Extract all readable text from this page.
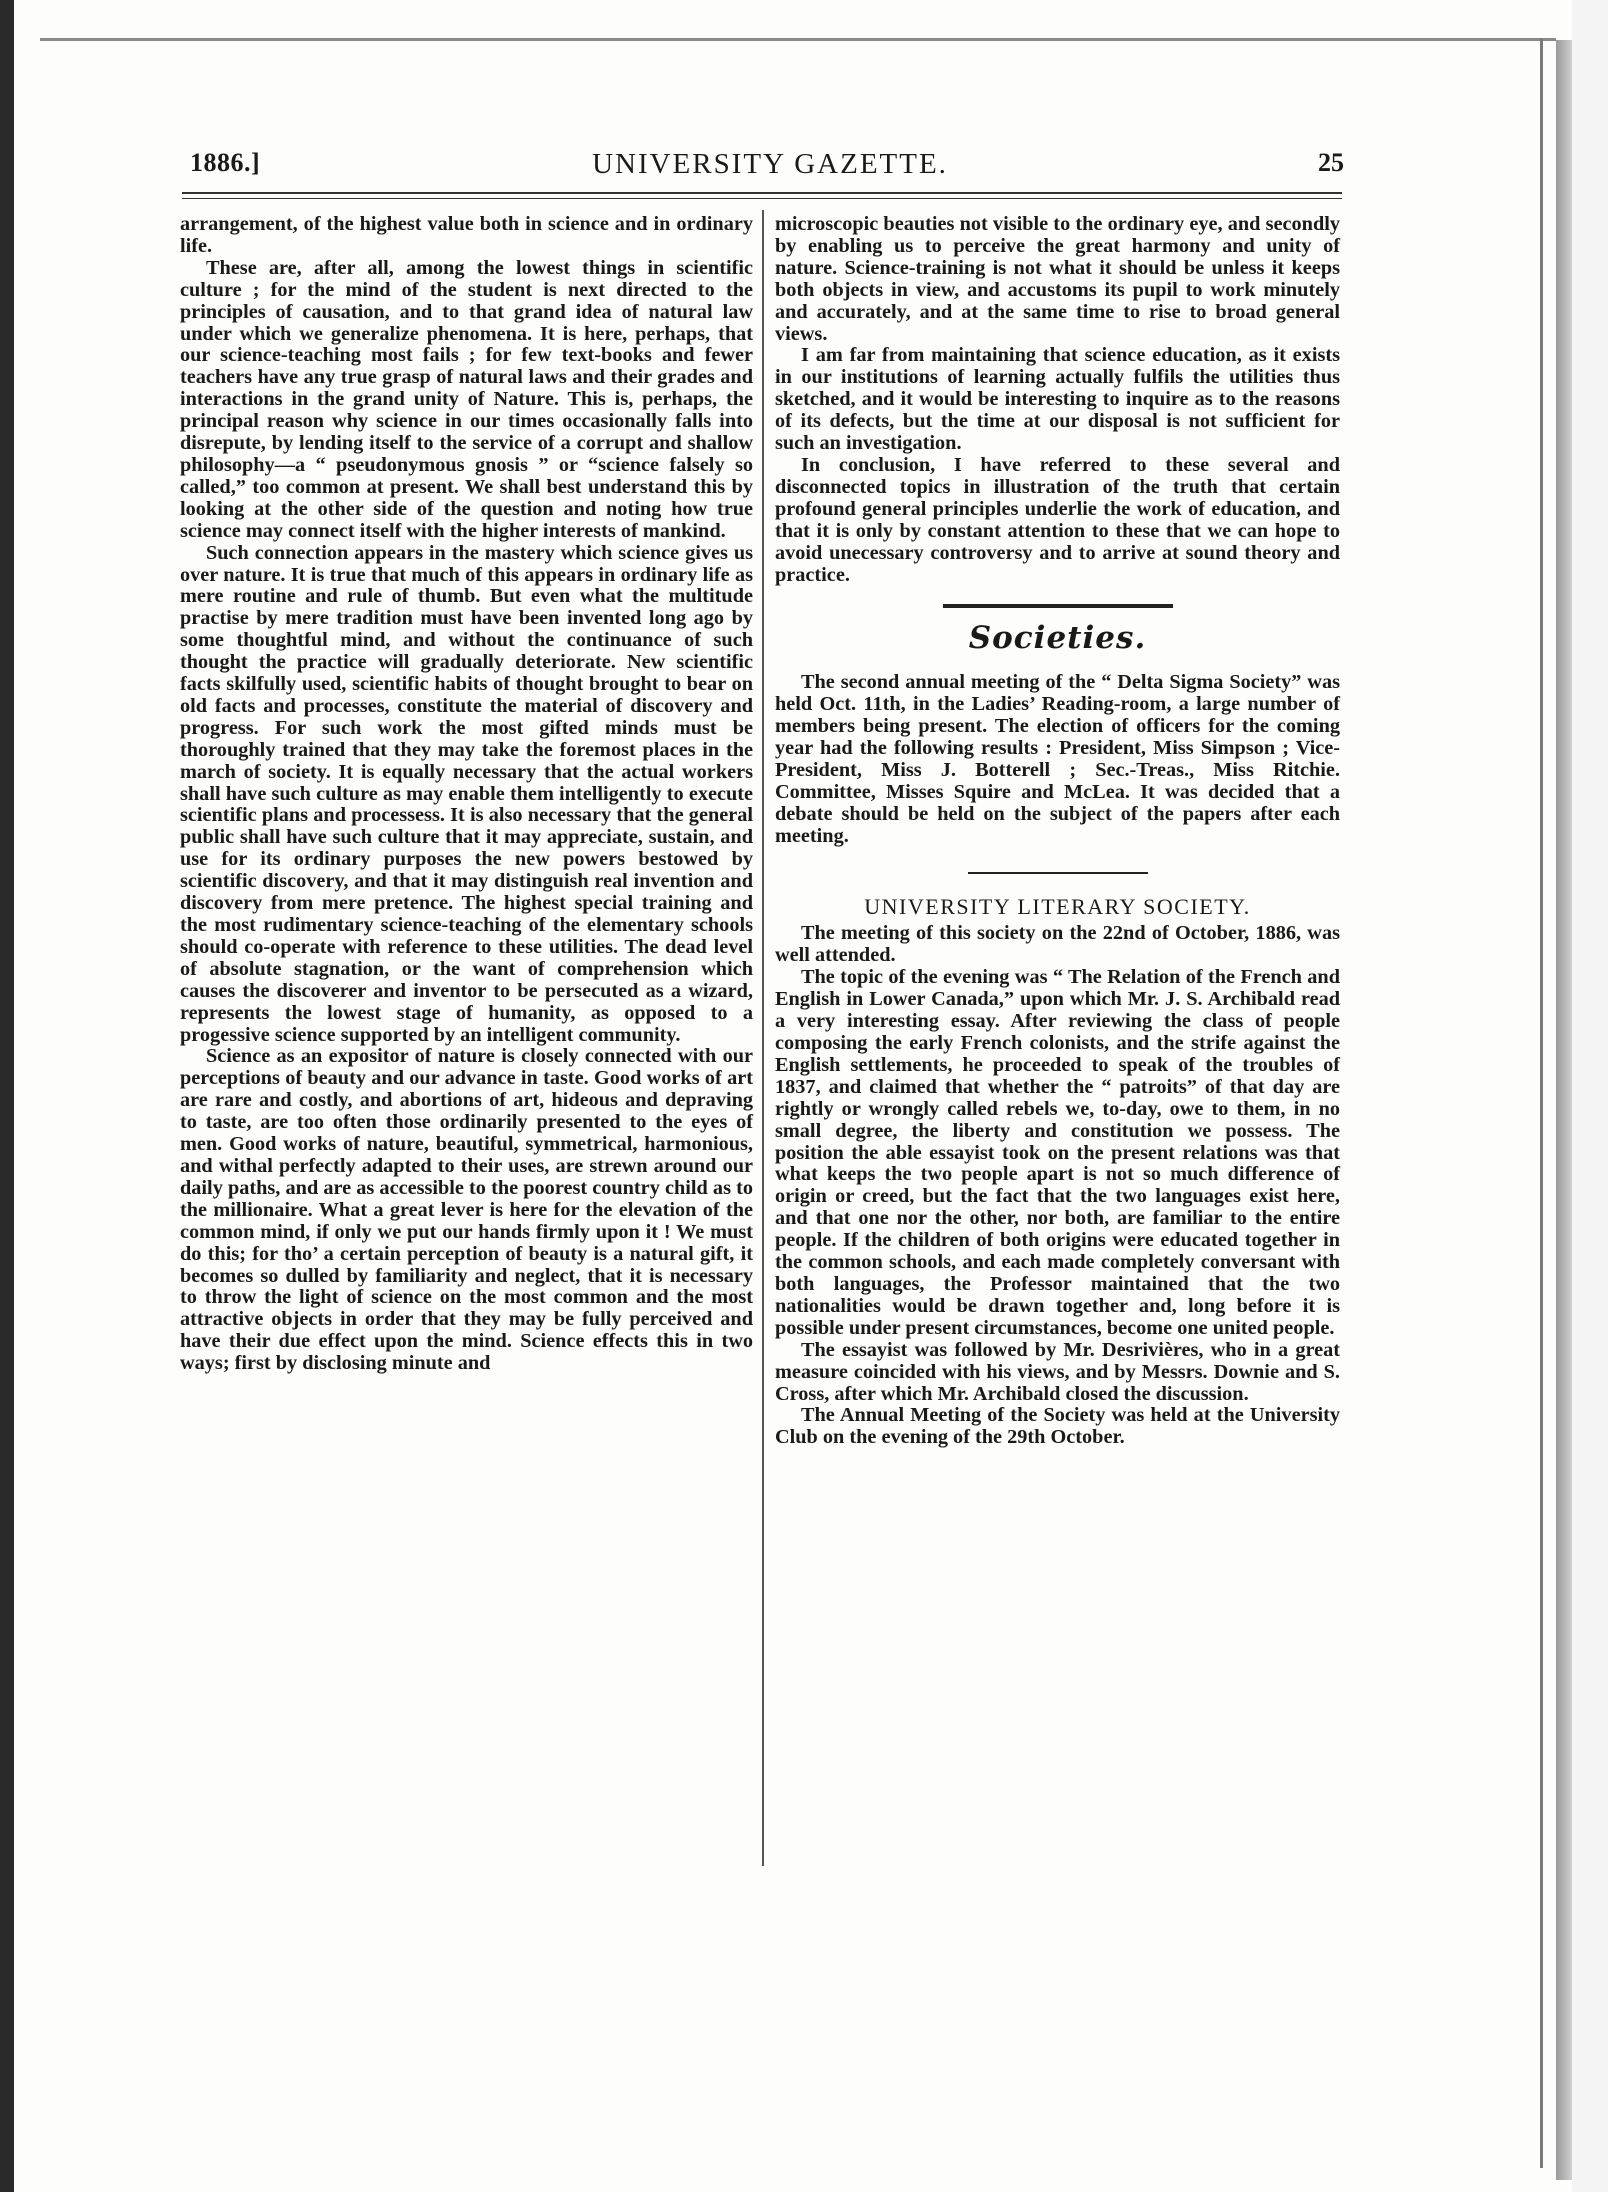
1886.]	UNIVERSITY GAZETTE.	25

arrangement, of the highest value both in science and in ordinary life.

These are, after all, among the lowest things in scientific culture ; for the mind of the student is next directed to the principles of causation, and to that grand idea of natural law under which we generalize phenomena. It is here, perhaps, that our science-teaching most fails ; for few text-books and fewer teachers have any true grasp of natural laws and their grades and interactions in the grand unity of Nature. This is, perhaps, the principal reason why science in our times occasionally falls into disrepute, by lending itself to the service of a corrupt and shallow philosophy—a “ pseudonymous gnosis ” or “science falsely so called,” too common at present. We shall best understand this by looking at the other side of the question and noting how true science may connect itself with the higher interests of mankind.

Such connection appears in the mastery which science gives us over nature. It is true that much of this appears in ordinary life as mere routine and rule of thumb. But even what the multitude practise by mere tradition must have been invented long ago by some thoughtful mind, and without the continuance of such thought the practice will gradually deteriorate. New scientific facts skilfully used, scientific habits of thought brought to bear on old facts and processes, constitute the material of discovery and progress. For such work the most gifted minds must be thoroughly trained that they may take the foremost places in the march of society. It is equally necessary that the actual workers shall have such culture as may enable them intelligently to execute scientific plans and processess. It is also necessary that the general public shall have such culture that it may appreciate, sustain, and use for its ordinary purposes the new powers bestowed by scientific discovery, and that it may distinguish real invention and discovery from mere pretence. The highest special training and the most rudimentary science-teaching of the elementary schools should co-operate with reference to these utilities. The dead level of absolute stagnation, or the want of comprehension which causes the discoverer and inventor to be persecuted as a wizard, represents the lowest stage of humanity, as opposed to a progessive science supported by an intelligent community.

Science as an expositor of nature is closely connected with our perceptions of beauty and our advance in taste. Good works of art are rare and costly, and abortions of art, hideous and depraving to taste, are too often those ordinarily presented to the eyes of men. Good works of nature, beautiful, symmetrical, harmonious, and withal perfectly adapted to their uses, are strewn around our daily paths, and are as accessible to the poorest country child as to the millionaire. What a great lever is here for the elevation of the common mind, if only we put our hands firmly upon it ! We must do this; for tho’ a certain perception of beauty is a natural gift, it becomes so dulled by familiarity and neglect, that it is necessary to throw the light of science on the most common and the most attractive objects in order that they may be fully perceived and have their due effect upon the mind. Science effects this in two ways; first by disclosing minute and

microscopic beauties not visible to the ordinary eye, and secondly by enabling us to perceive the great harmony and unity of nature. Science-training is not what it should be unless it keeps both objects in view, and accustoms its pupil to work minutely and accurately, and at the same time to rise to broad general views.

I am far from maintaining that science education, as it exists in our institutions of learning actually fulfils the utilities thus sketched, and it would be interesting to inquire as to the reasons of its defects, but the time at our disposal is not sufficient for such an investigation.

In conclusion, I have referred to these several and disconnected topics in illustration of the truth that certain profound general principles underlie the work of education, and that it is only by constant attention to these that we can hope to avoid unecessary controversy and to arrive at sound theory and practice.

Societies.

The second annual meeting of the “ Delta Sigma Society” was held Oct. 11th, in the Ladies’ Reading-room, a large number of members being present. The election of officers for the coming year had the following results : President, Miss Simpson ; Vice-President, Miss J. Botterell ; Sec.-Treas., Miss Ritchie. Committee, Misses Squire and McLea. It was decided that a debate should be held on the subject of the papers after each meeting.

UNIVERSITY LITERARY SOCIETY.

The meeting of this society on the 22nd of October, 1886, was well attended.

The topic of the evening was “ The Relation of the French and English in Lower Canada,” upon which Mr. J. S. Archibald read a very interesting essay. After reviewing the class of people composing the early French colonists, and the strife against the English settlements, he proceeded to speak of the troubles of 1837, and claimed that whether the “ patroits” of that day are rightly or wrongly called rebels we, to-day, owe to them, in no small degree, the liberty and constitution we possess. The position the able essayist took on the present relations was that what keeps the two people apart is not so much difference of origin or creed, but the fact that the two languages exist here, and that one nor the other, nor both, are familiar to the entire people. If the children of both origins were educated together in the common schools, and each made completely conversant with both languages, the Professor maintained that the two nationalities would be drawn together and, long before it is possible under present circumstances, become one united people.

The essayist was followed by Mr. Desrivières, who in a great measure coincided with his views, and by Messrs. Downie and S. Cross, after which Mr. Archibald closed the discussion.

The Annual Meeting of the Society was held at the University Club on the evening of the 29th October.
